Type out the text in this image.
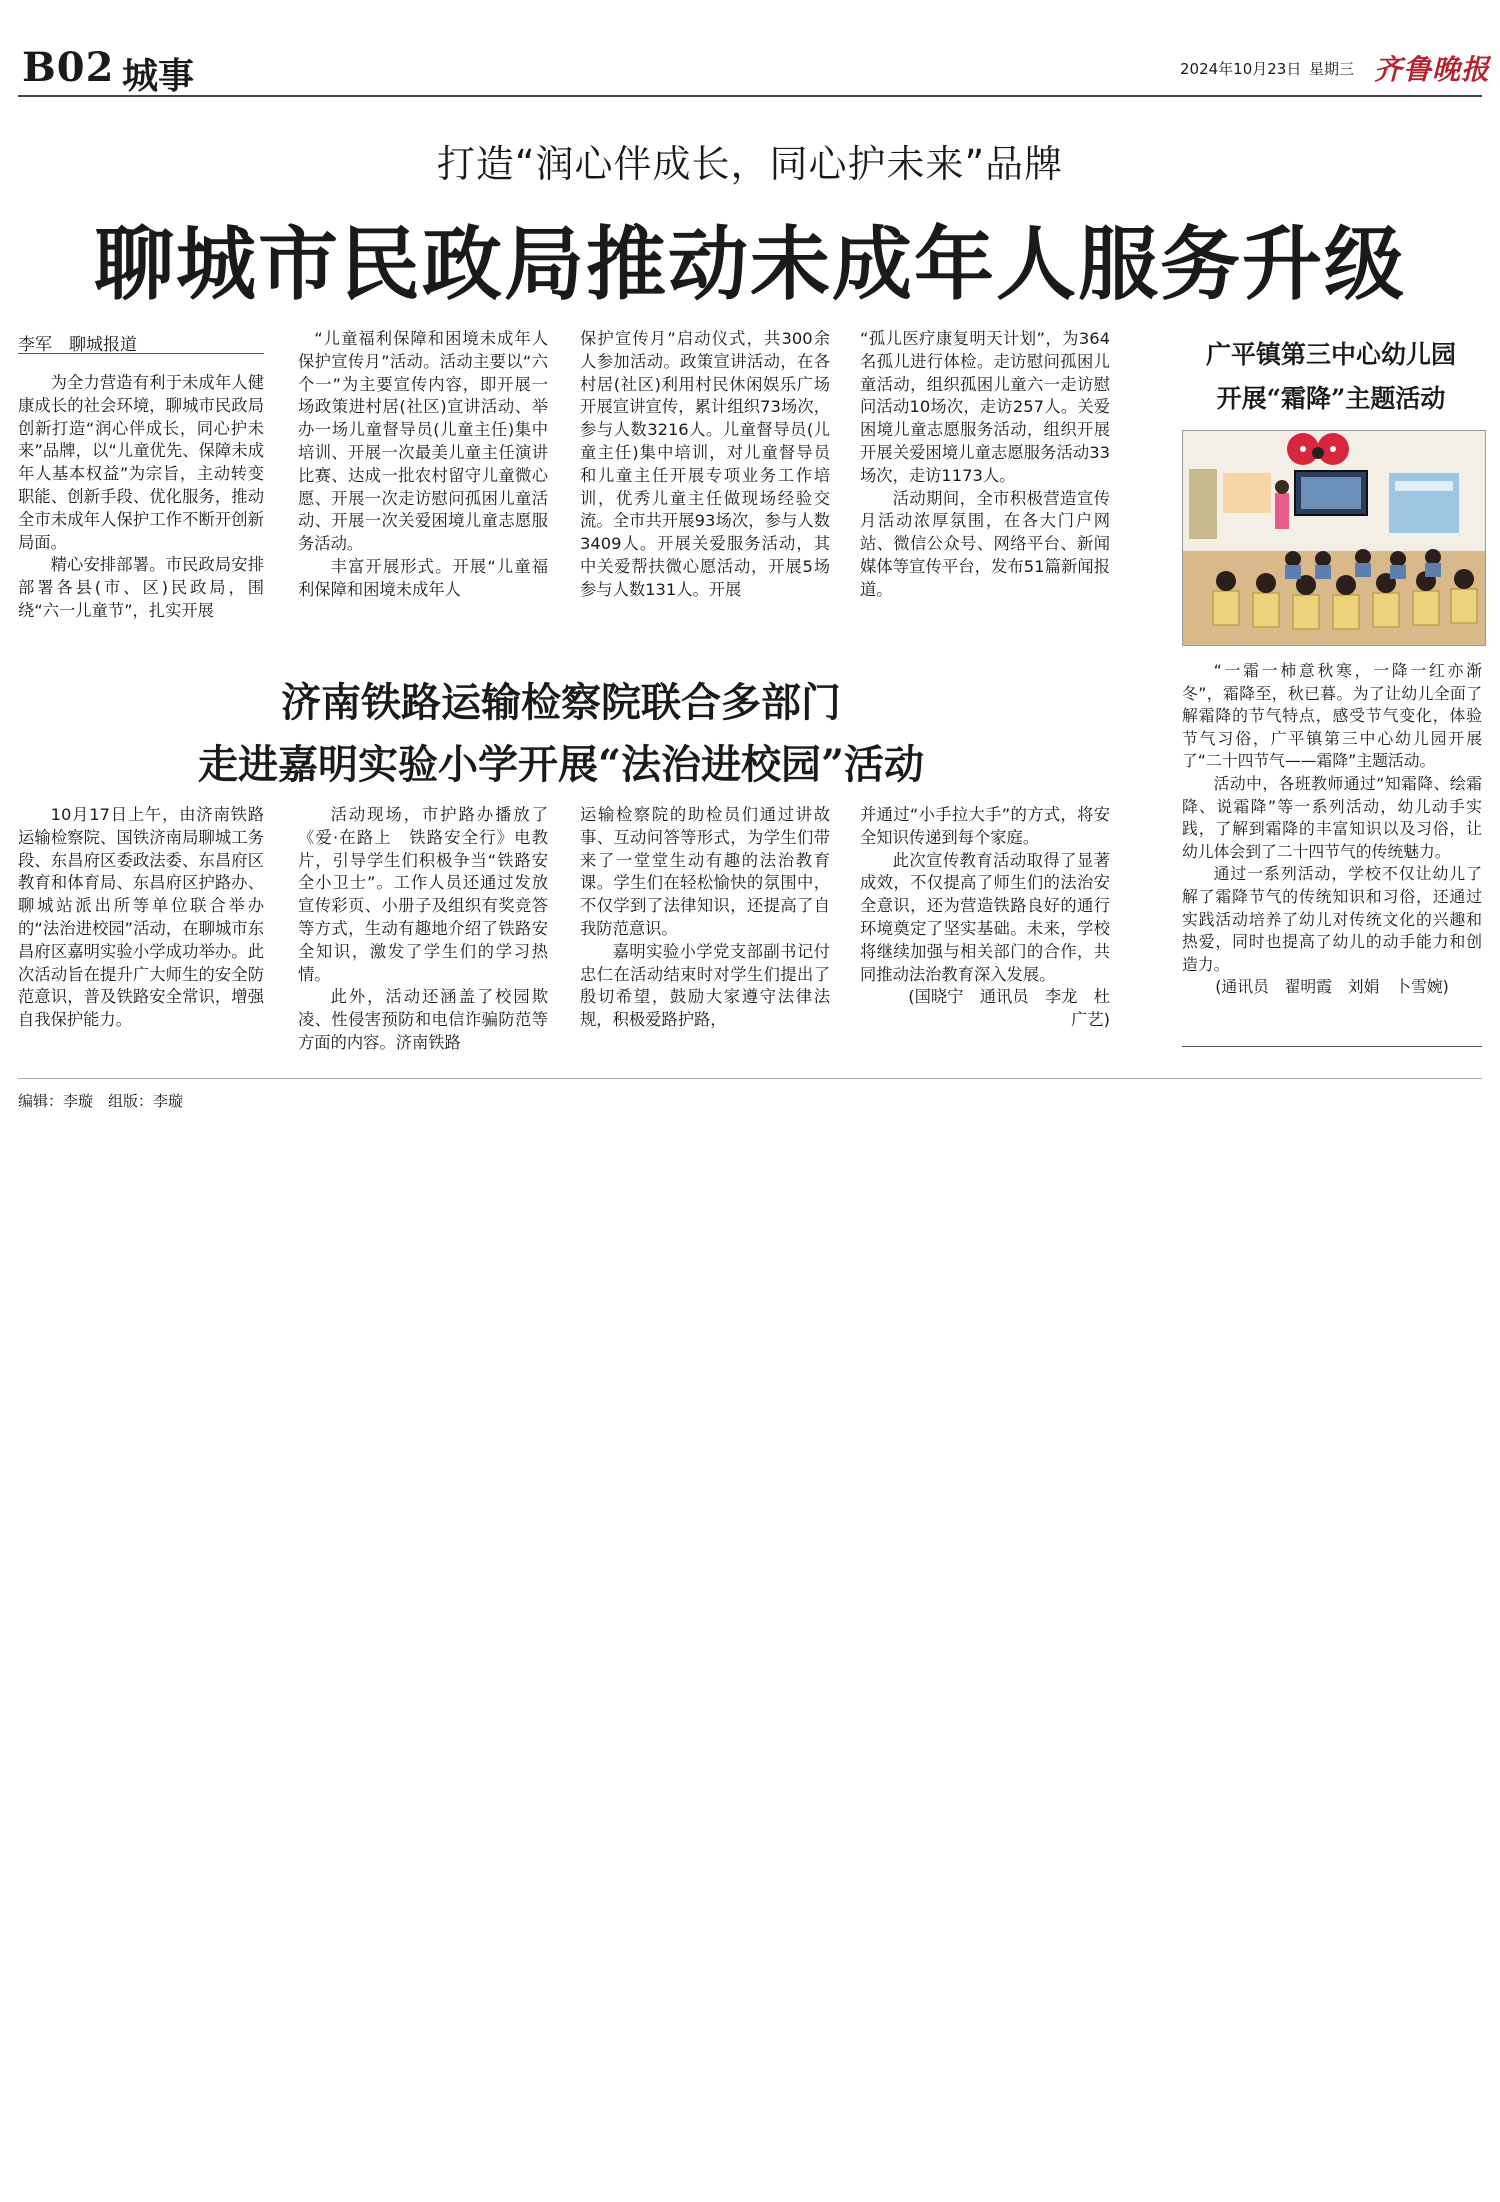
B02 城事	2024年10月23日 星期三 齐鲁晚报
打造“润心伴成长，同心护未来”品牌
聊城市民政局推动未成年人服务升级
李军　聊城报道

为全力营造有利于未成年人健康成长的社会环境，聊城市民政局创新打造“润心伴成长，同心护未来”品牌，以“儿童优先、保障未成年人基本权益”为宗旨，主动转变职能、创新手段、优化服务，推动全市未成年人保护工作不断开创新局面。

精心安排部署。市民政局安排部署各县(市、区)民政局，围绕“六一儿童节”，扎实开展

“儿童福利保障和困境未成年人保护宣传月”活动。活动主要以“六个一”为主要宣传内容，即开展一场政策进村居(社区)宣讲活动、举办一场儿童督导员(儿童主任)集中培训、开展一次最美儿童主任演讲比赛、达成一批农村留守儿童微心愿、开展一次走访慰问孤困儿童活动、开展一次关爱困境儿童志愿服务活动。

丰富开展形式。开展“儿童福利保障和困境未成年人

保护宣传月”启动仪式，共300余人参加活动。政策宣讲活动，在各村居(社区)利用村民休闲娱乐广场开展宣讲宣传，累计组织73场次，参与人数3216人。儿童督导员(儿童主任)集中培训，对儿童督导员和儿童主任开展专项业务工作培训，优秀儿童主任做现场经验交流。全市共开展93场次，参与人数3409人。开展关爱服务活动，其中关爱帮扶微心愿活动，开展5场参与人数131人。开展

“孤儿医疗康复明天计划”，为364名孤儿进行体检。走访慰问孤困儿童活动，组织孤困儿童六一走访慰问活动10场次，走访257人。关爱困境儿童志愿服务活动，组织开展开展关爱困境儿童志愿服务活动33场次，走访1173人。

活动期间，全市积极营造宣传月活动浓厚氛围，在各大门户网站、微信公众号、网络平台、新闻媒体等宣传平台，发布51篇新闻报道。

济南铁路运输检察院联合多部门
走进嘉明实验小学开展“法治进校园”活动

10月17日上午，由济南铁路运输检察院、国铁济南局聊城工务段、东昌府区委政法委、东昌府区教育和体育局、东昌府区护路办、聊城站派出所等单位联合举办的“法治进校园”活动，在聊城市东昌府区嘉明实验小学成功举办。此次活动旨在提升广大师生的安全防范意识，普及铁路安全常识，增强自我保护能力。

活动现场，市护路办播放了《爱·在路上　铁路安全行》电教片，引导学生们积极争当“铁路安全小卫士”。工作人员还通过发放宣传彩页、小册子及组织有奖竞答等方式，生动有趣地介绍了铁路安全知识，激发了学生们的学习热情。

此外，活动还涵盖了校园欺凌、性侵害预防和电信诈骗防范等方面的内容。济南铁路

运输检察院的助检员们通过讲故事、互动问答等形式，为学生们带来了一堂堂生动有趣的法治教育课。学生们在轻松愉快的氛围中，不仅学到了法律知识，还提高了自我防范意识。

嘉明实验小学党支部副书记付忠仁在活动结束时对学生们提出了殷切希望，鼓励大家遵守法律法规，积极爱路护路，

并通过“小手拉大手”的方式，将安全知识传递到每个家庭。

此次宣传教育活动取得了显著成效，不仅提高了师生们的法治安全意识，还为营造铁路良好的通行环境奠定了坚实基础。未来，学校将继续加强与相关部门的合作，共同推动法治教育深入发展。

(国晓宁　通讯员　李龙　杜广艺)

广平镇第三中心幼儿园
开展“霜降”主题活动

“一霜一柿意秋寒，一降一红亦渐冬”，霜降至，秋已暮。为了让幼儿全面了解霜降的节气特点，感受节气变化，体验节气习俗，广平镇第三中心幼儿园开展了“二十四节气——霜降”主题活动。

活动中，各班教师通过“知霜降、绘霜降、说霜降”等一系列活动，幼儿动手实践，了解到霜降的丰富知识以及习俗，让幼儿体会到了二十四节气的传统魅力。

通过一系列活动，学校不仅让幼儿了解了霜降节气的传统知识和习俗，还通过实践活动培养了幼儿对传统文化的兴趣和热爱，同时也提高了幼儿的动手能力和创造力。

(通讯员　翟明霞　刘娟　卜雪婉)

编辑：李璇　组版：李璇
